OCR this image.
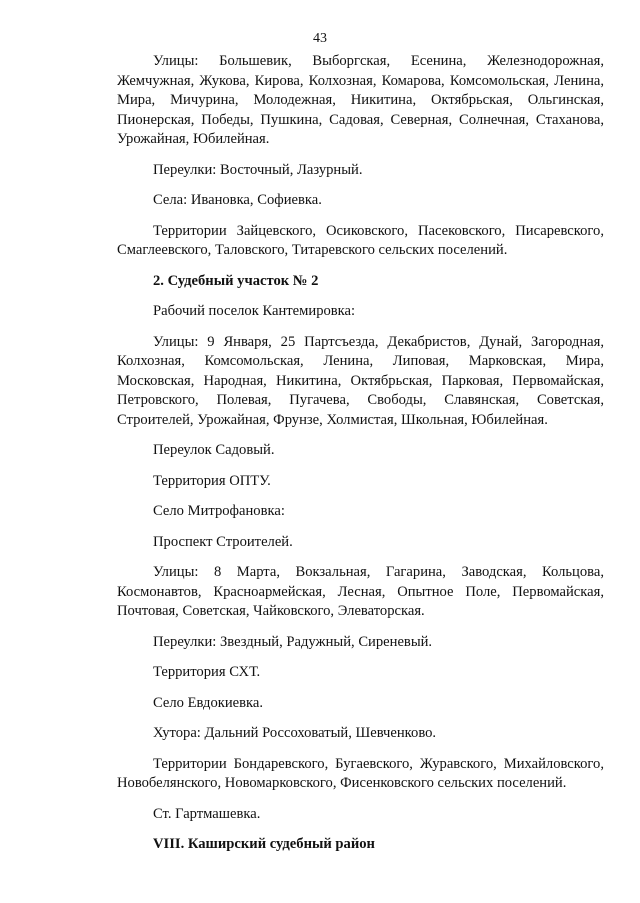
43

Улицы: Большевик, Выборгская, Есенина, Железнодорожная, Жемчужная, Жукова, Кирова, Колхозная, Комарова, Комсомольская, Ленина, Мира, Мичурина, Молодежная, Никитина, Октябрьская, Ольгинская, Пионерская, Победы, Пушкина, Садовая, Северная, Солнечная, Стаханова, Урожайная, Юбилейная.

Переулки: Восточный, Лазурный.

Села: Ивановка, Софиевка.

Территории Зайцевского, Осиковского, Пасековского, Писаревского, Смаглеевского, Таловского, Титаревского сельских поселений.

2. Судебный участок № 2

Рабочий поселок Кантемировка:

Улицы: 9 Января, 25 Партсъезда, Декабристов, Дунай, Загородная, Колхозная, Комсомольская, Ленина, Липовая, Марковская, Мира, Московская, Народная, Никитина, Октябрьская, Парковая, Первомайская, Петровского, Полевая, Пугачева, Свободы, Славянская, Советская, Строителей, Урожайная, Фрунзе, Холмистая, Школьная, Юбилейная.

Переулок Садовый.

Территория ОПТУ.

Село Митрофановка:

Проспект Строителей.

Улицы: 8 Марта, Вокзальная, Гагарина, Заводская, Кольцова, Космонавтов, Красноармейская, Лесная, Опытное Поле, Первомайская, Почтовая, Советская, Чайковского, Элеваторская.

Переулки: Звездный, Радужный, Сиреневый.

Территория СХТ.

Село Евдокиевка.

Хутора: Дальний Россоховатый, Шевченково.

Территории Бондаревского, Бугаевского, Журавского, Михайловского, Новобелянского, Новомарковского, Фисенковского сельских поселений.

Ст. Гартмашевка.

VIII. Каширский судебный район
